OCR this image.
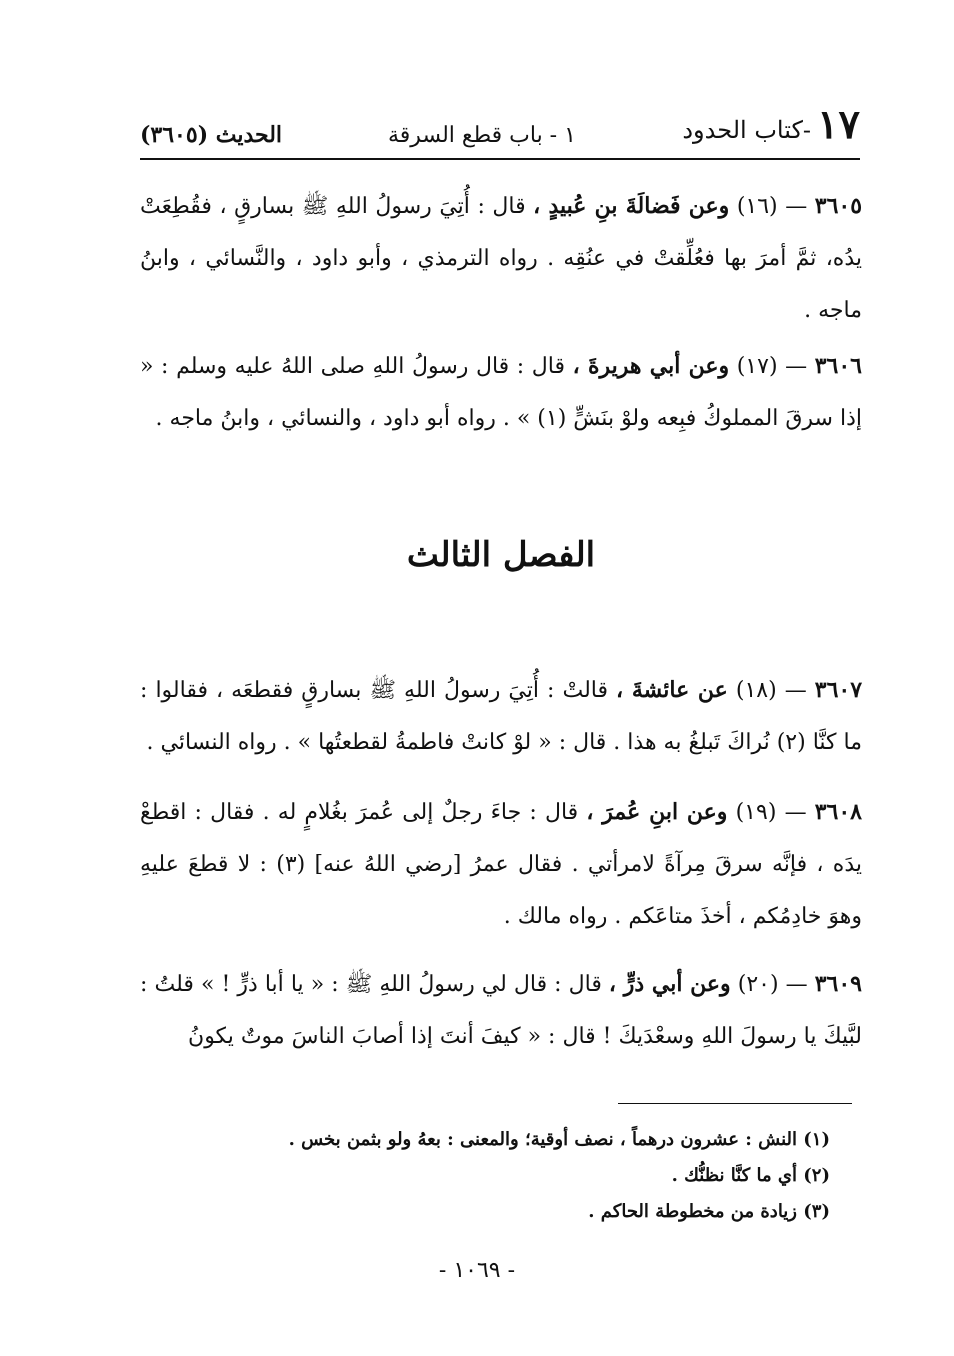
١٧-كتاب الحدود
١ - باب قطع السرقة
الحديث (٣٦٠٥)
٣٦٠٥ — (١٦) وعن فَضالَةَ بنِ عُبيدٍ ، قال : أُتِيَ رسولُ اللهِ ﷺ بسارقٍ ، فقُطِعَتْ يدُه، ثمَّ أمرَ بها فعُلِّقتْ في عنُقِه . رواه الترمذي ، وأبو داود ، والنَّسائي ، وابنُ ماجه .
٣٦٠٦ — (١٧) وعن أبي هريرةَ ، قال : قال رسولُ اللهِ صلى اللهُ عليه وسلم : « إذا سرقَ المملوكُ فبِعه ولوْ بنَشٍّ (١) » . رواه أبو داود ، والنسائي ، وابنُ ماجه .
الفصل الثالث
٣٦٠٧ — (١٨) عن عائشةَ ، قالتْ : أُتِيَ رسولُ اللهِ ﷺ بسارقٍ فقطعَه ، فقالوا : ما كنَّا (٢) نُراكَ تَبلغُ به هذا . قال : « لوْ كانتْ فاطمةُ لقطعتُها » . رواه النسائي .
٣٦٠٨ — (١٩) وعن ابنِ عُمرَ ، قال : جاءَ رجلٌ إلى عُمرَ بغُلامٍ له . فقال : اقطعْ يدَه ، فإنَّه سرقَ مِرآةً لامرأتي . فقال عمرُ [رضي اللهُ عنه] (٣) : لا قطعَ عليهِ وهوَ خادِمُكم ، أخذَ متاعَكم . رواه مالك .
٣٦٠٩ — (٢٠) وعن أبي ذرٍّ ، قال : قال لي رسولُ اللهِ ﷺ : « يا أبا ذرٍّ ! » قلتُ : لبَّيكَ يا رسولَ اللهِ وسعْدَيكَ ! قال : « كيفَ أنتَ إذا أصابَ الناسَ موتٌ يكونُ
(١) النش : عشرون درهماً ، نصف أوقية؛ والمعنى : بعهُ ولو بثمن بخس .
(٢) أي ما كنَّا نظنُّك .
(٣) زيادة من مخطوطة الحاكم .
- ١٠٦٩ -
